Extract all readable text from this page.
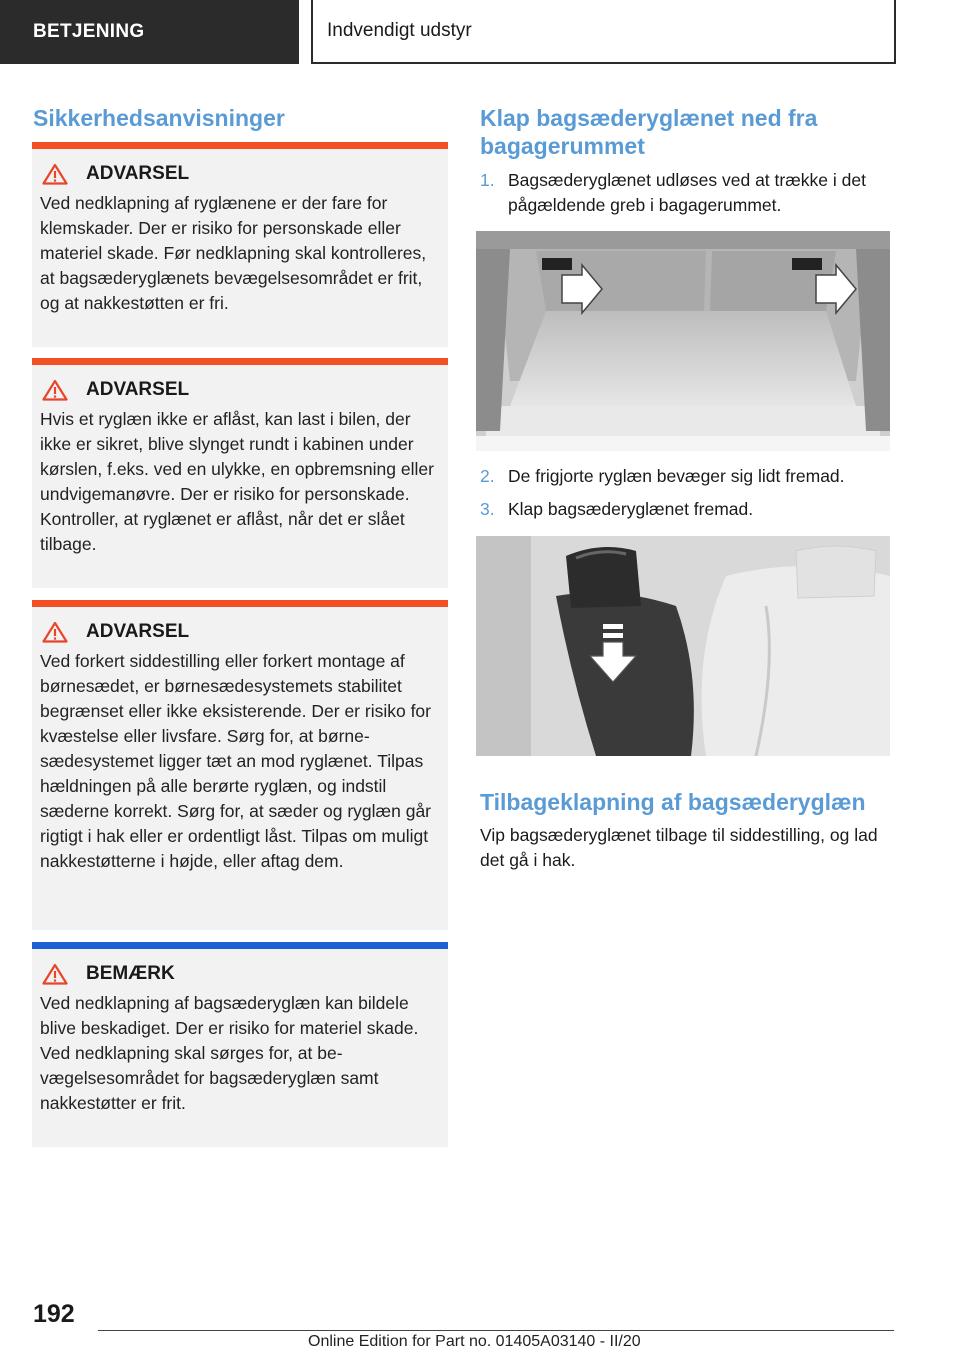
BETJENING	Indvendigt udstyr
Sikkerhedsanvisninger
ADVARSEL

Ved nedklapning af ryglænene er der fare for klemskader. Der er risiko for personskade eller materiel skade. Før nedklapning skal kontrolleres, at bagsæderyglænets bevægelsesområdet er frit, og at nakkestøtten er fri.

ADVARSEL

Hvis et ryglæn ikke er aflåst, kan last i bilen, der ikke er sikret, blive slynget rundt i kabinen under kørslen, f.eks. ved en ulykke, en opbremsning eller undvigemanøvre. Der er risiko for personskade. Kontroller, at ryglænet er aflåst, når det er slået tilbage.

ADVARSEL

Ved forkert siddestilling eller forkert montage af børnesædet, er børnesædesystemets stabilitet begrænset eller ikke eksisterende. Der er risiko for kvæstelse eller livsfare. Sørg for, at børnesædesystemet ligger tæt an mod ryglænet. Tilpas hældningen på alle berørte ryglæn, og indstil sæderne korrekt. Sørg for, at sæder og ryglæn går rigtigt i hak eller er ordentligt låst. Tilpas om muligt nakkestøtterne i højde, eller aftag dem.

BEMÆRK

Ved nedklapning af bagsæderyglæn kan bildele blive beskadiget. Der er risiko for materiel skade. Ved nedklapning skal sørges for, at bevægelsesområdet for bagsæderyglæn samt nakkestøtter er frit.

Klap bagsæderyglænet ned fra bagagerummet
1. Bagsæderyglænet udløses ved at trække i det pågældende greb i bagagerummet.
2. De frigjorte ryglæn bevæger sig lidt fremad.
3. Klap bagsæderyglænet fremad.
Tilbageklapning af bagsæderyglæn

Vip bagsæderyglænet tilbage til siddestilling, og lad det gå i hak.

192
Online Edition for Part no. 01405A03140 - II/20
